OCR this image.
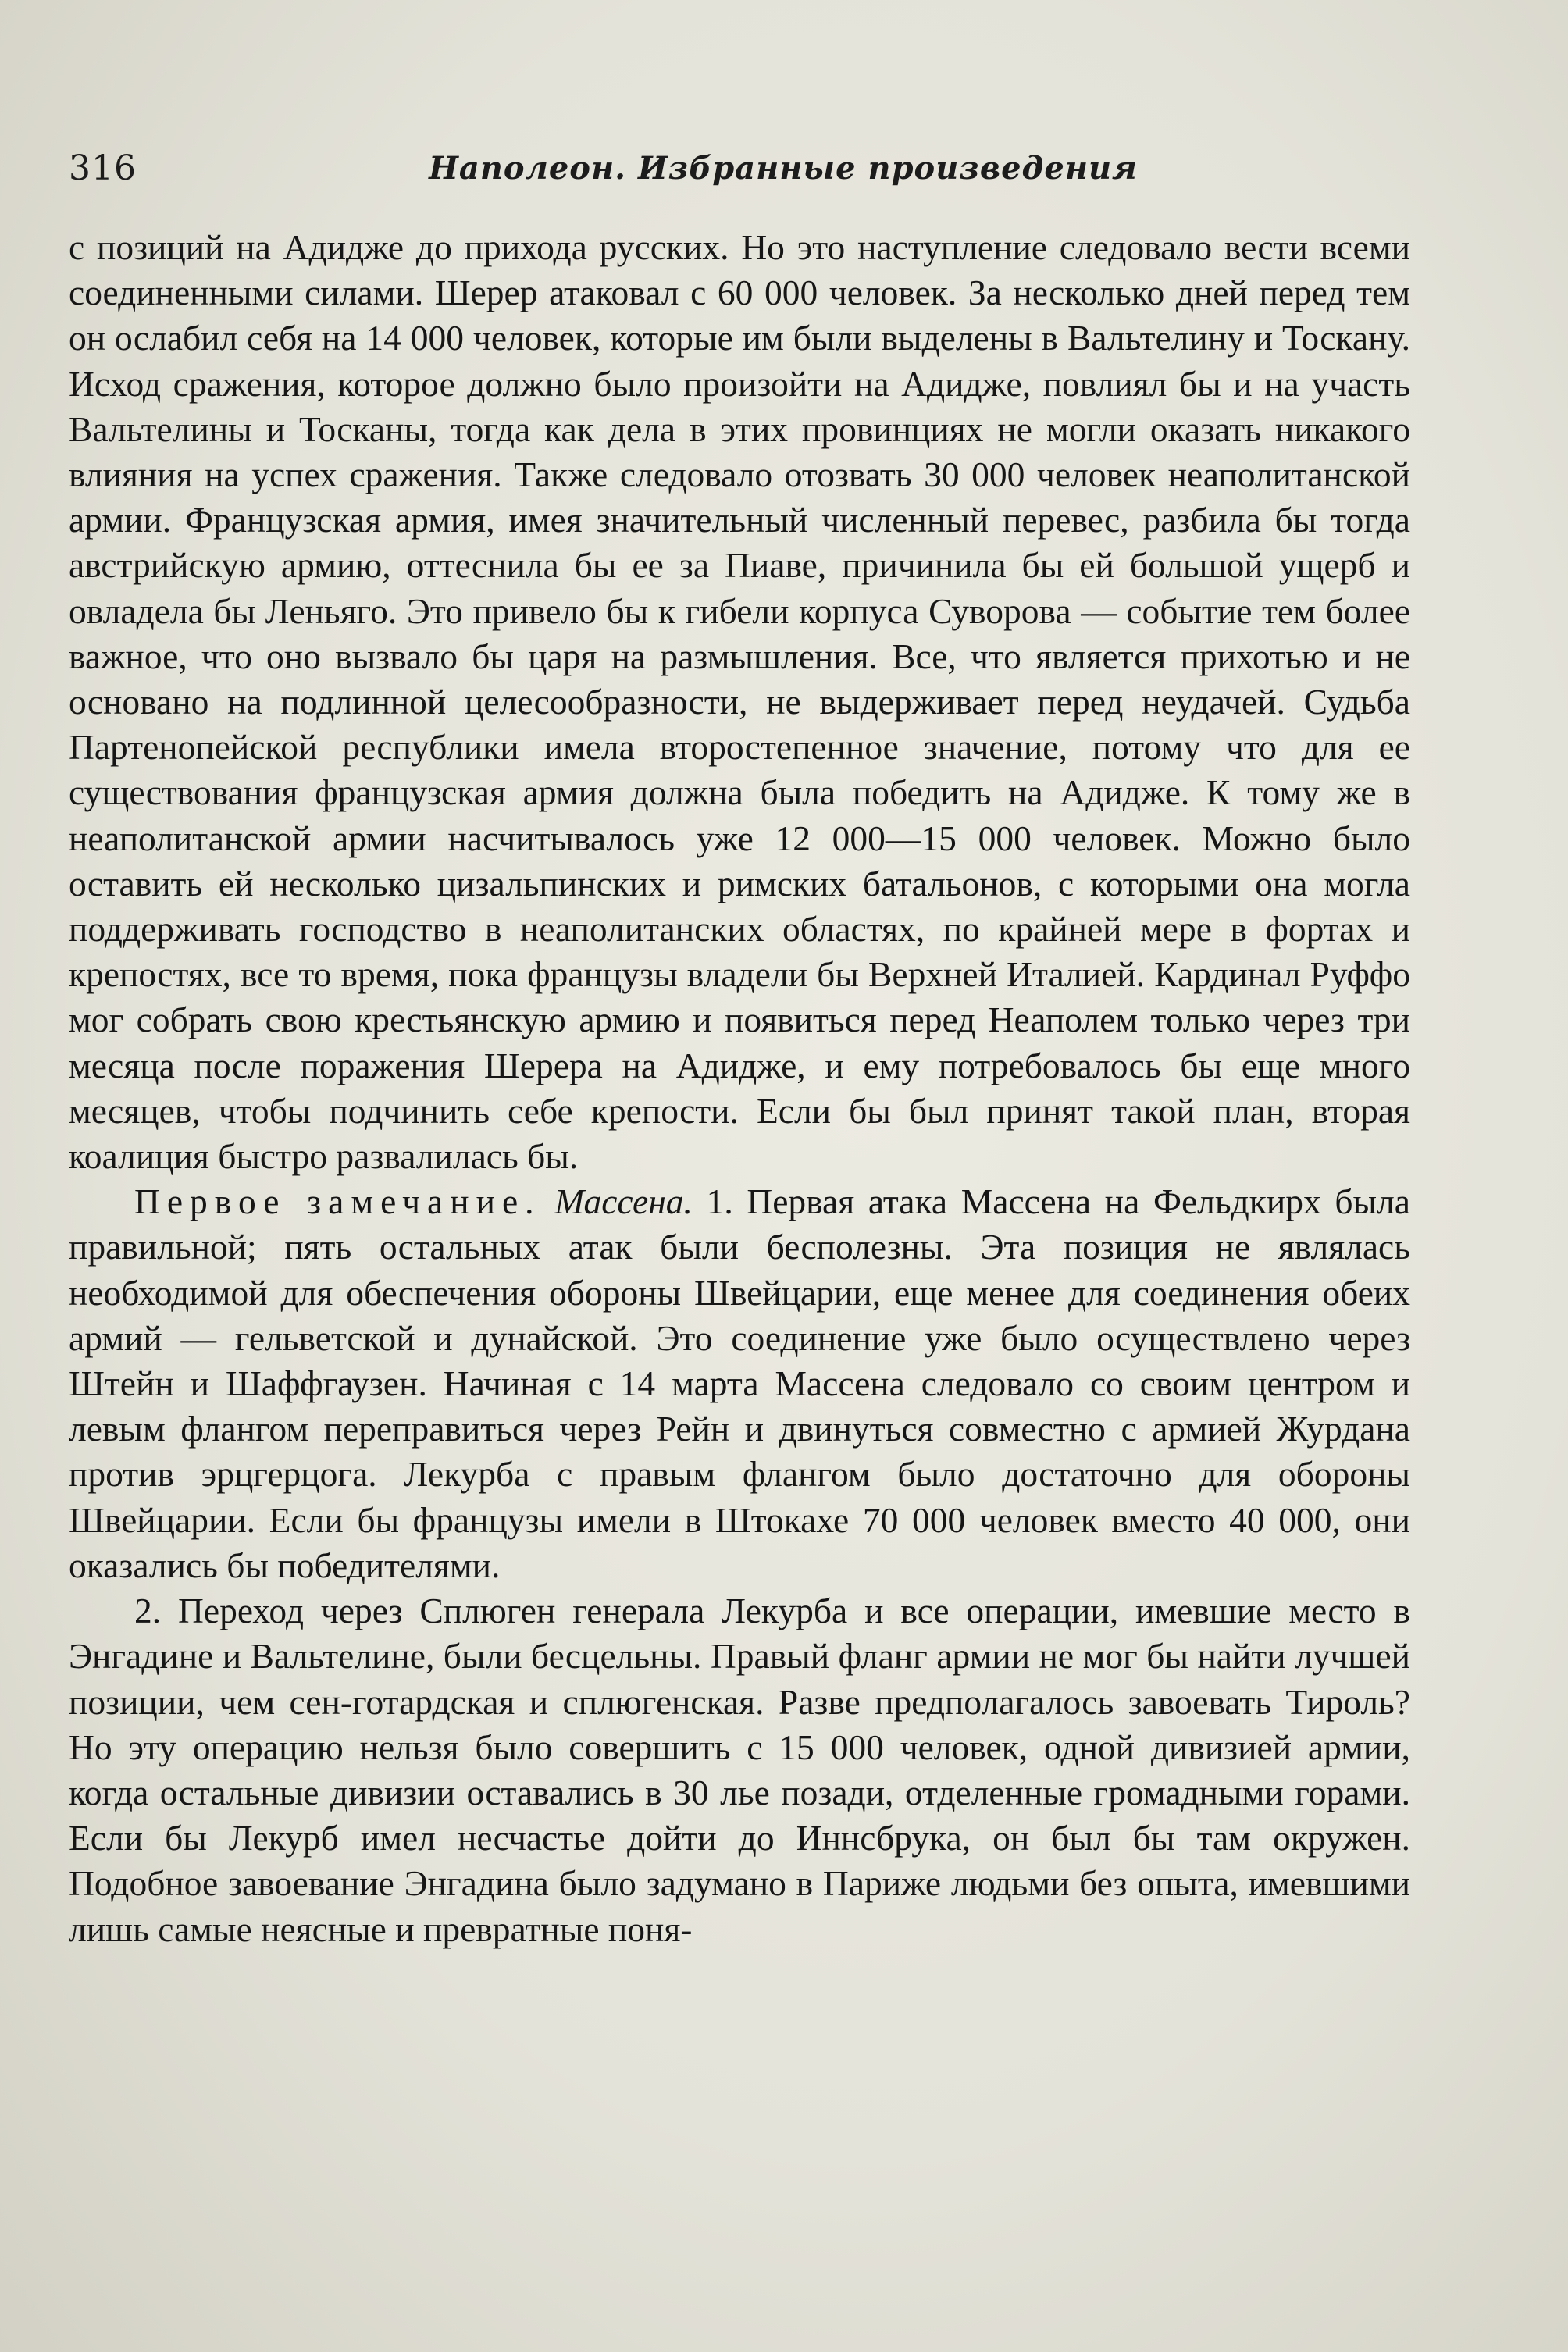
316	Наполеон. Избранные произведения

с позиций на Адидже до прихода русских. Но это наступление следовало вести всеми соединенными силами. Шерер атаковал с 60 000 человек. За несколько дней перед тем он ослабил себя на 14 000 человек, которые им были выделены в Вальтелину и Тоскану. Исход сражения, которое должно было произойти на Адидже, повлиял бы и на участь Вальтелины и Тосканы, тогда как дела в этих провинциях не могли оказать никакого влияния на успех сражения. Также следовало отозвать 30 000 человек неаполитанской армии. Французская армия, имея значительный численный перевес, разбила бы тогда австрийскую армию, оттеснила бы ее за Пиаве, причинила бы ей большой ущерб и овладела бы Леньяго. Это привело бы к гибели корпуса Суворова — событие тем более важное, что оно вызвало бы царя на размышления. Все, что является прихотью и не основано на подлинной целесообразности, не выдерживает перед неудачей. Судьба Партенопейской республики имела второстепенное значение, потому что для ее существования французская армия должна была победить на Адидже. К тому же в неаполитанской армии насчитывалось уже 12 000—15 000 человек. Можно было оставить ей несколько цизальпинских и римских батальонов, с которыми она могла поддерживать господство в неаполитанских областях, по крайней мере в фортах и крепостях, все то время, пока французы владели бы Верхней Италией. Кардинал Руффо мог собрать свою крестьянскую армию и появиться перед Неаполем только через три месяца после поражения Шерера на Адидже, и ему потребовалось бы еще много месяцев, чтобы подчинить себе крепости. Если бы был принят такой план, вторая коалиция быстро развалилась бы.

Первое замечание. Массена. 1. Первая атака Массена на Фельдкирх была правильной; пять остальных атак были бесполезны. Эта позиция не являлась необходимой для обеспечения обороны Швейцарии, еще менее для соединения обеих армий — гельветской и дунайской. Это соединение уже было осуществлено через Штейн и Шаффгаузен. Начиная с 14 марта Массена следовало со своим центром и левым флангом переправиться через Рейн и двинуться совместно с армией Журдана против эрцгерцога. Лекурба с правым флангом было достаточно для обороны Швейцарии. Если бы французы имели в Штокахе 70 000 человек вместо 40 000, они оказались бы победителями.

2. Переход через Сплюген генерала Лекурба и все операции, имевшие место в Энгадине и Вальтелине, были бесцельны. Правый фланг армии не мог бы найти лучшей позиции, чем сен-готардская и сплюгенская. Разве предполагалось завоевать Тироль? Но эту операцию нельзя было совершить с 15 000 человек, одной дивизией армии, когда остальные дивизии оставались в 30 лье позади, отделенные громадными горами. Если бы Лекурб имел несчастье дойти до Иннсбрука, он был бы там окружен. Подобное завоевание Энгадина было задумано в Париже людьми без опыта, имевшими лишь самые неясные и превратные поня-
